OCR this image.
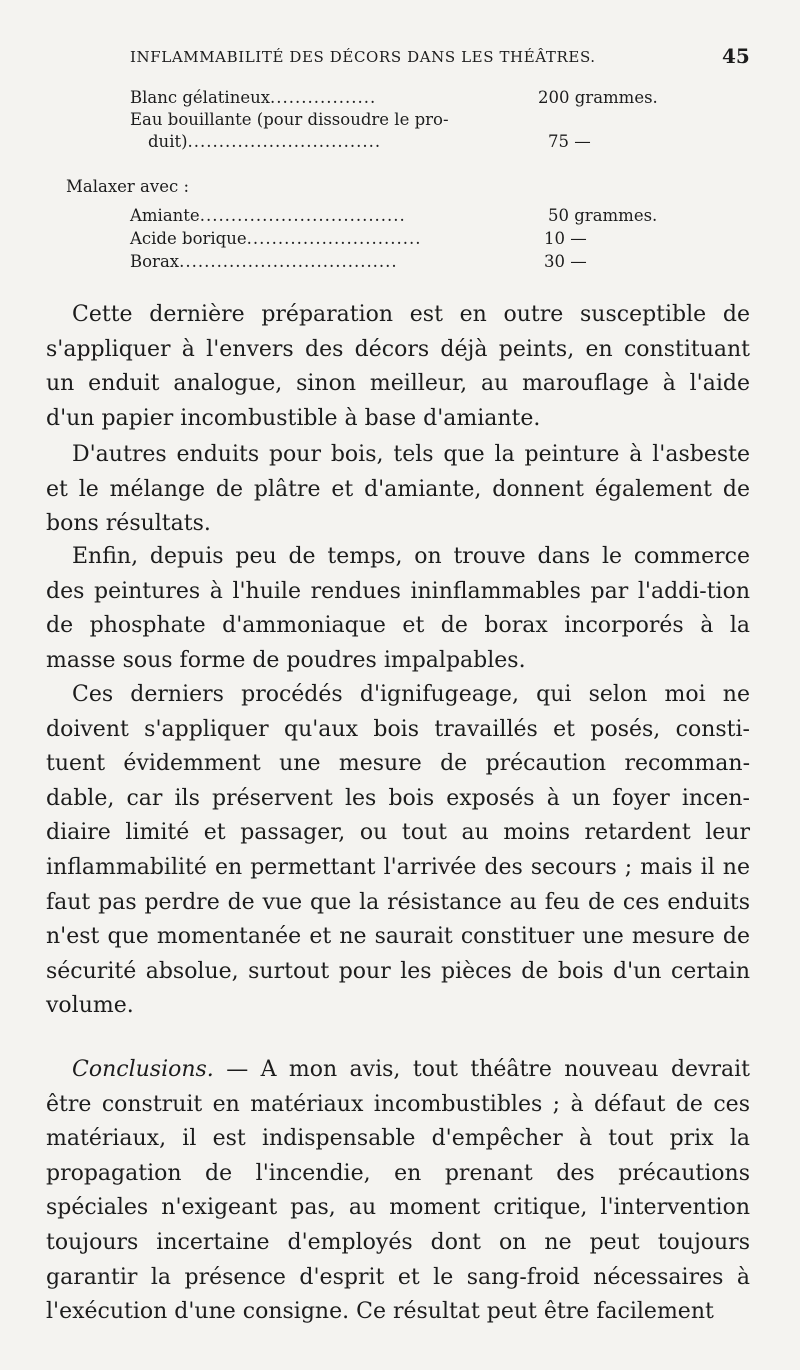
INFLAMMABILITÉ DES DÉCORS DANS LES THÉÂTRES.	45
Blanc gélatineux.................	200 grammes.
Eau bouillante (pour dissoudre le pro-
duit)...............................	75 —
Malaxer avec :
Amiante.................................	50 grammes.
Acide borique............................	10 —
Borax...................................	30 —

Cette dernière préparation est en outre susceptible de s'appliquer à l'envers des décors déjà peints, en constituant un enduit analogue, sinon meilleur, au marouflage à l'aide d'un papier incombustible à base d'amiante.

D'autres enduits pour bois, tels que la peinture à l'asbeste et le mélange de plâtre et d'amiante, donnent également de bons résultats.

Enfin, depuis peu de temps, on trouve dans le commerce des peintures à l'huile rendues ininflammables par l'addi-tion de phosphate d'ammoniaque et de borax incorporés à la masse sous forme de poudres impalpables.

Ces derniers procédés d'ignifugeage, qui selon moi ne doivent s'appliquer qu'aux bois travaillés et posés, consti-tuent évidemment une mesure de précaution recomman-dable, car ils préservent les bois exposés à un foyer incen-diaire limité et passager, ou tout au moins retardent leur inflammabilité en permettant l'arrivée des secours ; mais il ne faut pas perdre de vue que la résistance au feu de ces enduits n'est que momentanée et ne saurait constituer une mesure de sécurité absolue, surtout pour les pièces de bois d'un certain volume.

Conclusions. — A mon avis, tout théâtre nouveau devrait être construit en matériaux incombustibles ; à défaut de ces matériaux, il est indispensable d'empêcher à tout prix la propagation de l'incendie, en prenant des précautions spéciales n'exigeant pas, au moment critique, l'intervention toujours incertaine d'employés dont on ne peut toujours garantir la présence d'esprit et le sang-froid nécessaires à l'exécution d'une consigne. Ce résultat peut être facilement
